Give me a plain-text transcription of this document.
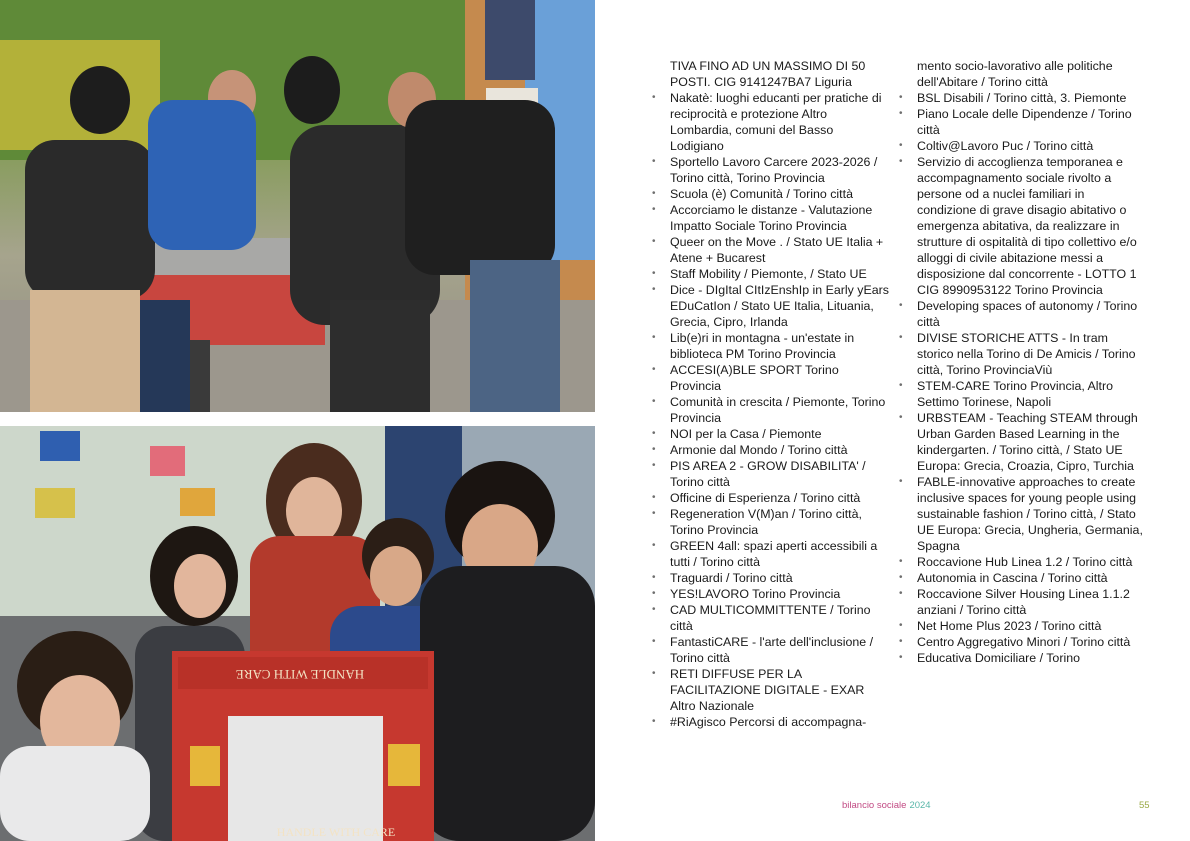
HANDLE WITH CARE
HANDLE WITH CARE
TIVA FINO AD UN MASSIMO DI 50 POSTI. CIG 9141247BA7 Liguria
• Nakatè: luoghi educanti per pratiche di reciprocità e protezione Altro Lombardia, comuni del Basso Lodigiano
• Sportello Lavoro Carcere 2023-2026 / Torino città, Torino Provincia
• Scuola (è) Comunità / Torino città
• Accorciamo le distanze - Valutazione Impatto Sociale Torino Provincia
• Queer on the Move . / Stato UE Italia + Atene + Bucarest
• Staff Mobility / Piemonte, / Stato UE
• Dice - DIgItal CItIzEnshIp in Early yEars EDuCatIon / Stato UE Italia, Lituania, Grecia, Cipro, Irlanda
• Lib(e)ri in montagna - un'estate in biblioteca PM Torino Provincia
• ACCESI(A)BLE SPORT Torino Provincia
• Comunità in crescita / Piemonte, Torino Provincia
• NOI per la Casa / Piemonte
• Armonie dal Mondo / Torino città
• PIS AREA 2 - GROW DISABILITA' / Torino città
• Officine di Esperienza / Torino città
• Regeneration V(M)an / Torino città, Torino Provincia
• GREEN 4all: spazi aperti accessibili a tutti / Torino città
• Traguardi / Torino città
• YES!LAVORO Torino Provincia
• CAD MULTICOMMITTENTE / Torino città
• FantastiCARE - l'arte dell'inclusione / Torino città
• RETI DIFFUSE PER LA FACILITAZIONE DIGITALE - EXAR Altro Nazionale
• #RiAgisco Percorsi di accompagna-
mento socio-lavorativo alle politiche dell'Abitare / Torino città
• BSL Disabili / Torino città, 3. Piemonte
• Piano Locale delle Dipendenze / Torino città
• Coltiv@Lavoro Puc / Torino città
• Servizio di accoglienza temporanea e accompagnamento sociale rivolto a persone od a nuclei familiari in condizione di grave disagio abitativo o emergenza abitativa, da realizzare in strutture di ospitalità di tipo collettivo e/o alloggi di civile abitazione messi a disposizione dal concorrente - LOTTO 1 CIG 8990953122 Torino Provincia
• Developing spaces of autonomy / Torino città
• DIVISE STORICHE ATTS - In tram storico nella Torino di De Amicis / Torino città, Torino ProvinciaViù
• STEM-CARE Torino Provincia, Altro Settimo Torinese, Napoli
• URBSTEAM - Teaching STEAM through Urban Garden Based Learning in the kindergarten. / Torino città, / Stato UE Europa: Grecia, Croazia, Cipro, Turchia
• FABLE-innovative approaches to create inclusive spaces for young people using sustainable fashion / Torino città, / Stato UE Europa: Grecia, Ungheria, Germania, Spagna
• Roccavione Hub Linea 1.2 / Torino città
• Autonomia in Cascina / Torino città
• Roccavione Silver Housing Linea 1.1.2 anziani / Torino città
• Net Home Plus 2023 / Torino città
• Centro Aggregativo Minori / Torino città
• Educativa Domiciliare / Torino
bilancio sociale 2024	55
